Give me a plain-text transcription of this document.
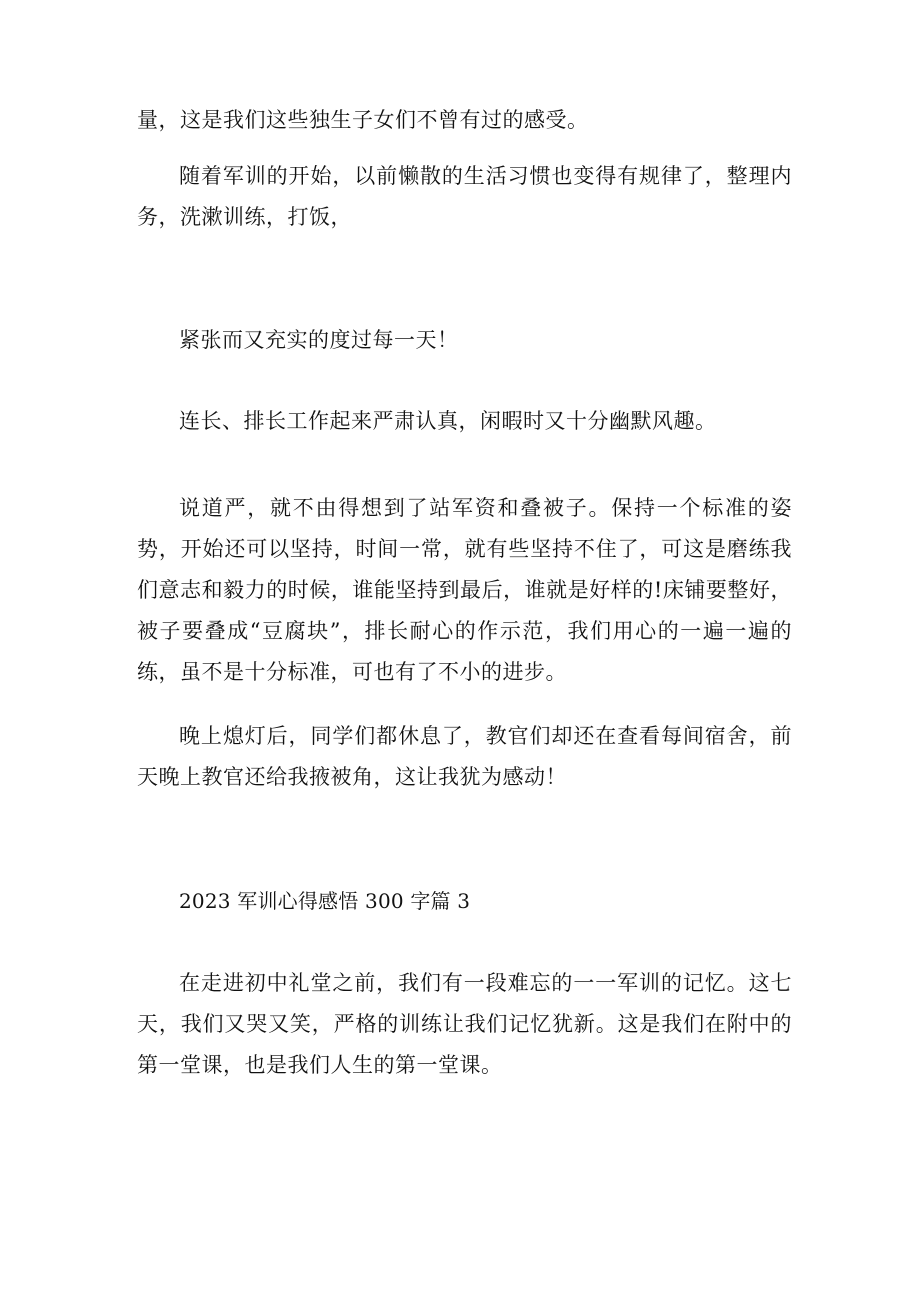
量，这是我们这些独生子女们不曾有过的感受。

随着军训的开始，以前懒散的生活习惯也变得有规律了，整理内务，洗漱训练，打饭，

紧张而又充实的度过每一天！

连长、排长工作起来严肃认真，闲暇时又十分幽默风趣。

说道严，就不由得想到了站军资和叠被子。保持一个标准的姿势，开始还可以坚持，时间一常，就有些坚持不住了，可这是磨练我们意志和毅力的时候，谁能坚持到最后，谁就是好样的!床铺要整好，被子要叠成“豆腐块”，排长耐心的作示范，我们用心的一遍一遍的练，虽不是十分标准，可也有了不小的进步。

晚上熄灯后，同学们都休息了，教官们却还在查看每间宿舍，前天晚上教官还给我掖被角，这让我犹为感动！

2023 军训心得感悟 300 字篇 3

在走进初中礼堂之前，我们有一段难忘的一一军训的记忆。这七天，我们又哭又笑，严格的训练让我们记忆犹新。这是我们在附中的第一堂课，也是我们人生的第一堂课。
